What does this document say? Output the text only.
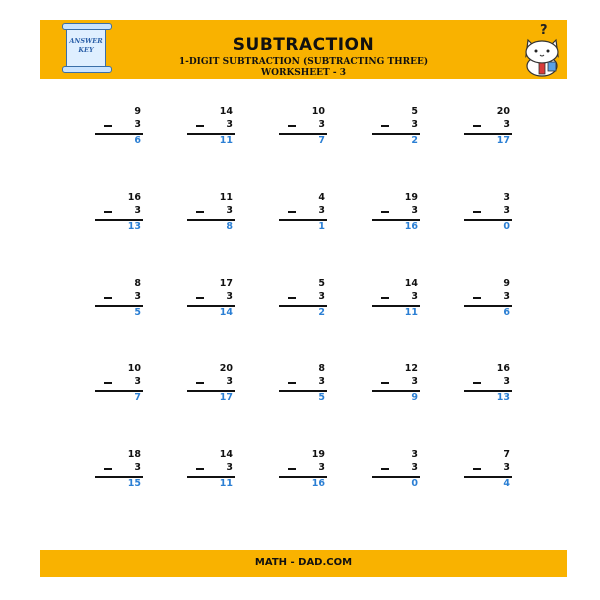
ANSWER KEY	SUBTRACTION
1-DIGIT SUBTRACTION (SUBTRACTING THREE)
WORKSHEET - 3
?
9
3
6
14
3
11
10
3
7
5
3
2
20
3
17
16
3
13
11
3
8
4
3
1
19
3
16
3
3
0
8
3
5
17
3
14
5
3
2
14
3
11
9
3
6
10
3
7
20
3
17
8
3
5
12
3
9
16
3
13
18
3
15
14
3
11
19
3
16
3
3
0
7
3
4
MATH - DAD.COM
